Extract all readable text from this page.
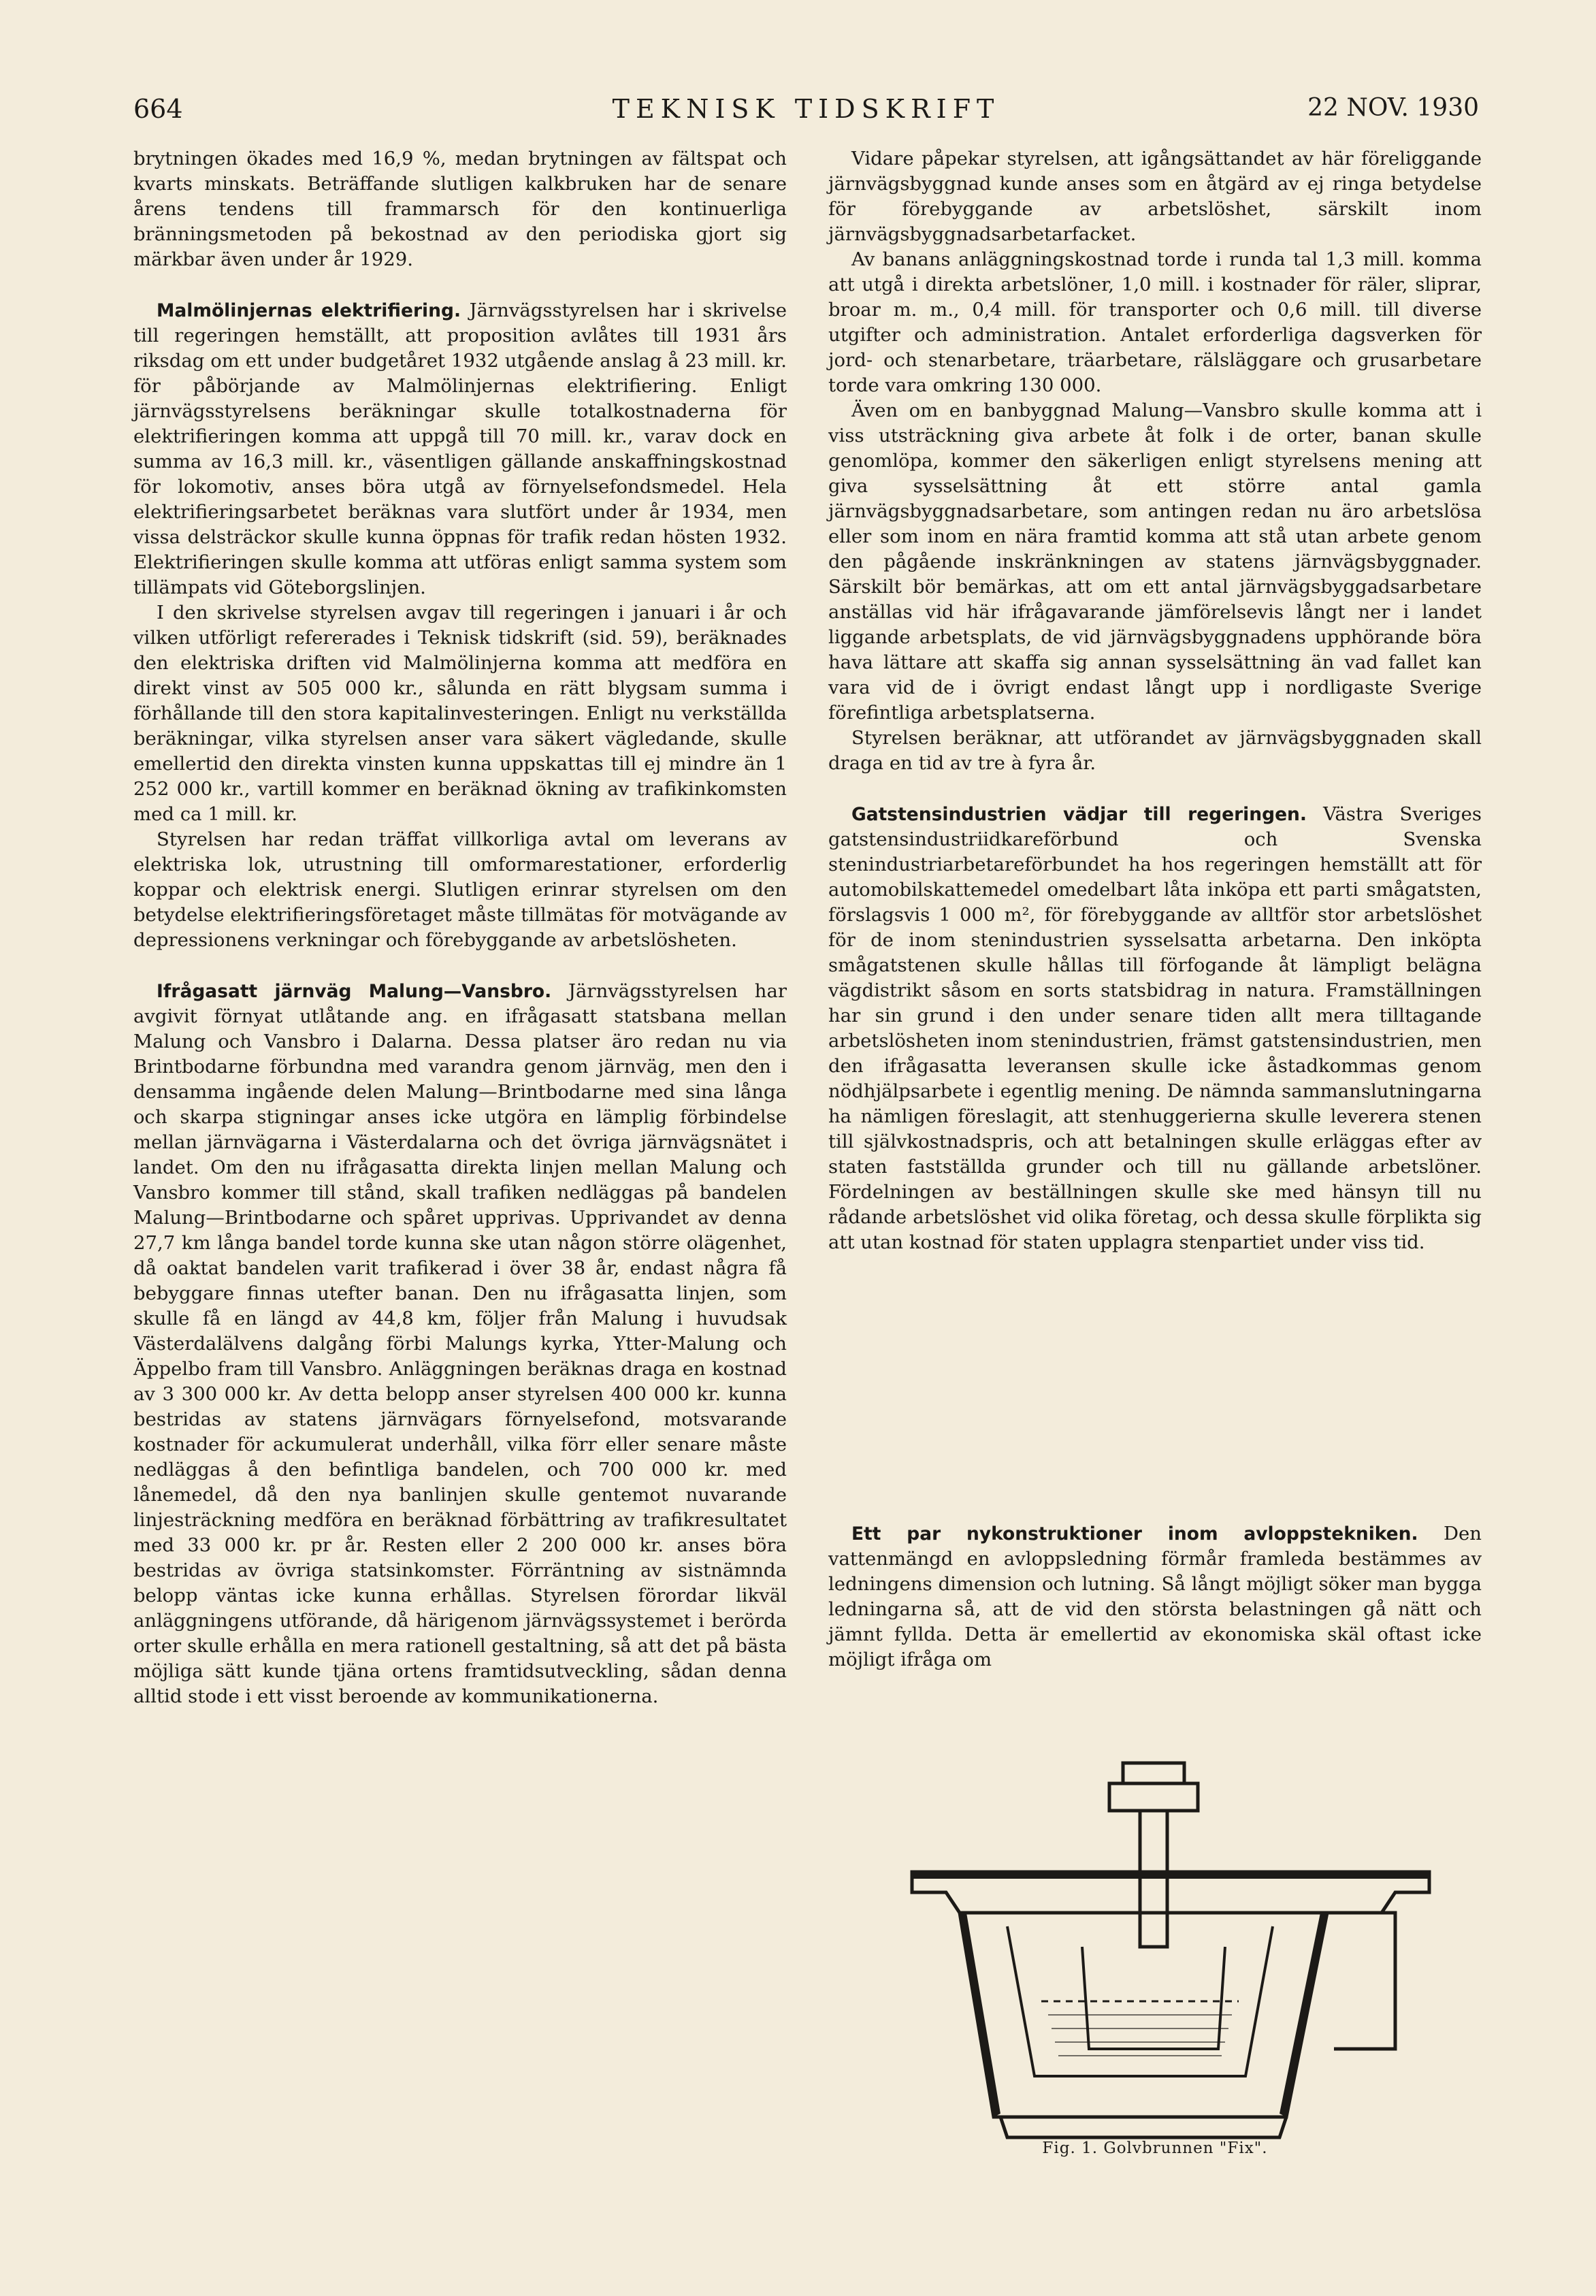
664	TEKNISK TIDSKRIFT	22 NOV. 1930

brytningen ökades med 16,9 %, medan brytningen av fältspat och kvarts minskats. Beträffande slutligen kalkbruken har de senare årens tendens till frammarsch för den kontinuerliga bränningsmetoden på bekostnad av den periodiska gjort sig märkbar även under år 1929.

Malmölinjernas elektrifiering. Järnvägsstyrelsen har i skrivelse till regeringen hemställt, att proposition avlåtes till 1931 års riksdag om ett under budgetåret 1932 utgående anslag å 23 mill. kr. för påbörjande av Malmölinjernas elektrifiering. Enligt järnvägsstyrelsens beräkningar skulle totalkostnaderna för elektrifieringen komma att uppgå till 70 mill. kr., varav dock en summa av 16,3 mill. kr., väsentligen gällande anskaffningskostnad för lokomotiv, anses böra utgå av förnyelsefondsmedel. Hela elektrifieringsarbetet beräknas vara slutfört under år 1934, men vissa delsträckor skulle kunna öppnas för trafik redan hösten 1932. Elektrifieringen skulle komma att utföras enligt samma system som tillämpats vid Göteborgslinjen.

I den skrivelse styrelsen avgav till regeringen i januari i år och vilken utförligt refererades i Teknisk tidskrift (sid. 59), beräknades den elektriska driften vid Malmölinjerna komma att medföra en direkt vinst av 505 000 kr., sålunda en rätt blygsam summa i förhållande till den stora kapitalinvesteringen. Enligt nu verkställda beräkningar, vilka styrelsen anser vara säkert vägledande, skulle emellertid den direkta vinsten kunna uppskattas till ej mindre än 1 252 000 kr., vartill kommer en beräknad ökning av trafikinkomsten med ca 1 mill. kr.

Styrelsen har redan träffat villkorliga avtal om leverans av elektriska lok, utrustning till omformarestationer, erforderlig koppar och elektrisk energi. Slutligen erinrar styrelsen om den betydelse elektrifieringsföretaget måste tillmätas för motvägande av depressionens verkningar och förebyggande av arbetslösheten.

Ifrågasatt järnväg Malung—Vansbro. Järnvägsstyrelsen har avgivit förnyat utlåtande ang. en ifrågasatt statsbana mellan Malung och Vansbro i Dalarna. Dessa platser äro redan nu via Brintbodarne förbundna med varandra genom järnväg, men den i densamma ingående delen Malung—Brintbodarne med sina långa och skarpa stigningar anses icke utgöra en lämplig förbindelse mellan järnvägarna i Västerdalarna och det övriga järnvägsnätet i landet. Om den nu ifrågasatta direkta linjen mellan Malung och Vansbro kommer till stånd, skall trafiken nedläggas på bandelen Malung—Brintbodarne och spåret upprivas. Upprivandet av denna 27,7 km långa bandel torde kunna ske utan någon större olägenhet, då oaktat bandelen varit trafikerad i över 38 år, endast några få bebyggare finnas utefter banan. Den nu ifrågasatta linjen, som skulle få en längd av 44,8 km, följer från Malung i huvudsak Västerdalälvens dalgång förbi Malungs kyrka, Ytter-Malung och Äppelbo fram till Vansbro. Anläggningen beräknas draga en kostnad av 3 300 000 kr. Av detta belopp anser styrelsen 400 000 kr. kunna bestridas av statens järnvägars förnyelsefond, motsvarande kostnader för ackumulerat underhåll, vilka förr eller senare måste nedläggas å den befintliga bandelen, och 700 000 kr. med lånemedel, då den nya banlinjen skulle gentemot nuvarande linjesträckning medföra en beräknad förbättring av trafikresultatet med 33 000 kr. pr år. Resten eller 2 200 000 kr. anses böra bestridas av övriga statsinkomster. Förräntning av sistnämnda belopp väntas icke kunna erhållas. Styrelsen förordar likväl anläggningens utförande, då härigenom järnvägssystemet i berörda orter skulle erhålla en mera rationell gestaltning, så att det på bästa möjliga sätt kunde tjäna ortens framtidsutveckling, sådan denna alltid stode i ett visst beroende av kommunikationerna.

Vidare påpekar styrelsen, att igångsättandet av här föreliggande järnvägsbyggnad kunde anses som en åtgärd av ej ringa betydelse för förebyggande av arbetslöshet, särskilt inom järnvägsbyggnadsarbetarfacket.

Av banans anläggningskostnad torde i runda tal 1,3 mill. komma att utgå i direkta arbetslöner, 1,0 mill. i kostnader för räler, sliprar, broar m. m., 0,4 mill. för transporter och 0,6 mill. till diverse utgifter och administration. Antalet erforderliga dagsverken för jord- och stenarbetare, träarbetare, rälsläggare och grusarbetare torde vara omkring 130 000.

Även om en banbyggnad Malung—Vansbro skulle komma att i viss utsträckning giva arbete åt folk i de orter, banan skulle genomlöpa, kommer den säkerligen enligt styrelsens mening att giva sysselsättning åt ett större antal gamla järnvägsbyggnadsarbetare, som antingen redan nu äro arbetslösa eller som inom en nära framtid komma att stå utan arbete genom den pågående inskränkningen av statens järnvägsbyggnader. Särskilt bör bemärkas, att om ett antal järnvägsbyggadsarbetare anställas vid här ifrågavarande jämförelsevis långt ner i landet liggande arbetsplats, de vid järnvägsbyggnadens upphörande böra hava lättare att skaffa sig annan sysselsättning än vad fallet kan vara vid de i övrigt endast långt upp i nordligaste Sverige förefintliga arbetsplatserna.

Styrelsen beräknar, att utförandet av järnvägsbyggnaden skall draga en tid av tre à fyra år.

Gatstensindustrien vädjar till regeringen. Västra Sveriges gatstensindustriidkareförbund och Svenska stenindustriarbetareförbundet ha hos regeringen hemställt att för automobilskattemedel omedelbart låta inköpa ett parti smågatsten, förslagsvis 1 000 m², för förebyggande av alltför stor arbetslöshet för de inom stenindustrien sysselsatta arbetarna. Den inköpta smågatstenen skulle hållas till förfogande åt lämpligt belägna vägdistrikt såsom en sorts statsbidrag in natura. Framställningen har sin grund i den under senare tiden allt mera tilltagande arbetslösheten inom stenindustrien, främst gatstensindustrien, men den ifrågasatta leveransen skulle icke åstadkommas genom nödhjälpsarbete i egentlig mening. De nämnda sammanslutningarna ha nämligen föreslagit, att stenhuggerierna skulle leverera stenen till självkostnadspris, och att betalningen skulle erläggas efter av staten fastställda grunder och till nu gällande arbetslöner. Fördelningen av beställningen skulle ske med hänsyn till nu rådande arbetslöshet vid olika företag, och dessa skulle förpliktа sig att utan kostnad för staten upplagra stenpartiet under viss tid.

Ett par nykonstruktioner inom avloppstekniken. Den vattenmängd en avloppsledning förmår framleda bestämmes av ledningens dimension och lutning. Så långt möjligt söker man bygga ledningarna så, att de vid den största belastningen gå nätt och jämnt fyllda. Detta är emellertid av ekonomiska skäl oftast icke möjligt ifråga om

Fig. 1. Golvbrunnen "Fix".
